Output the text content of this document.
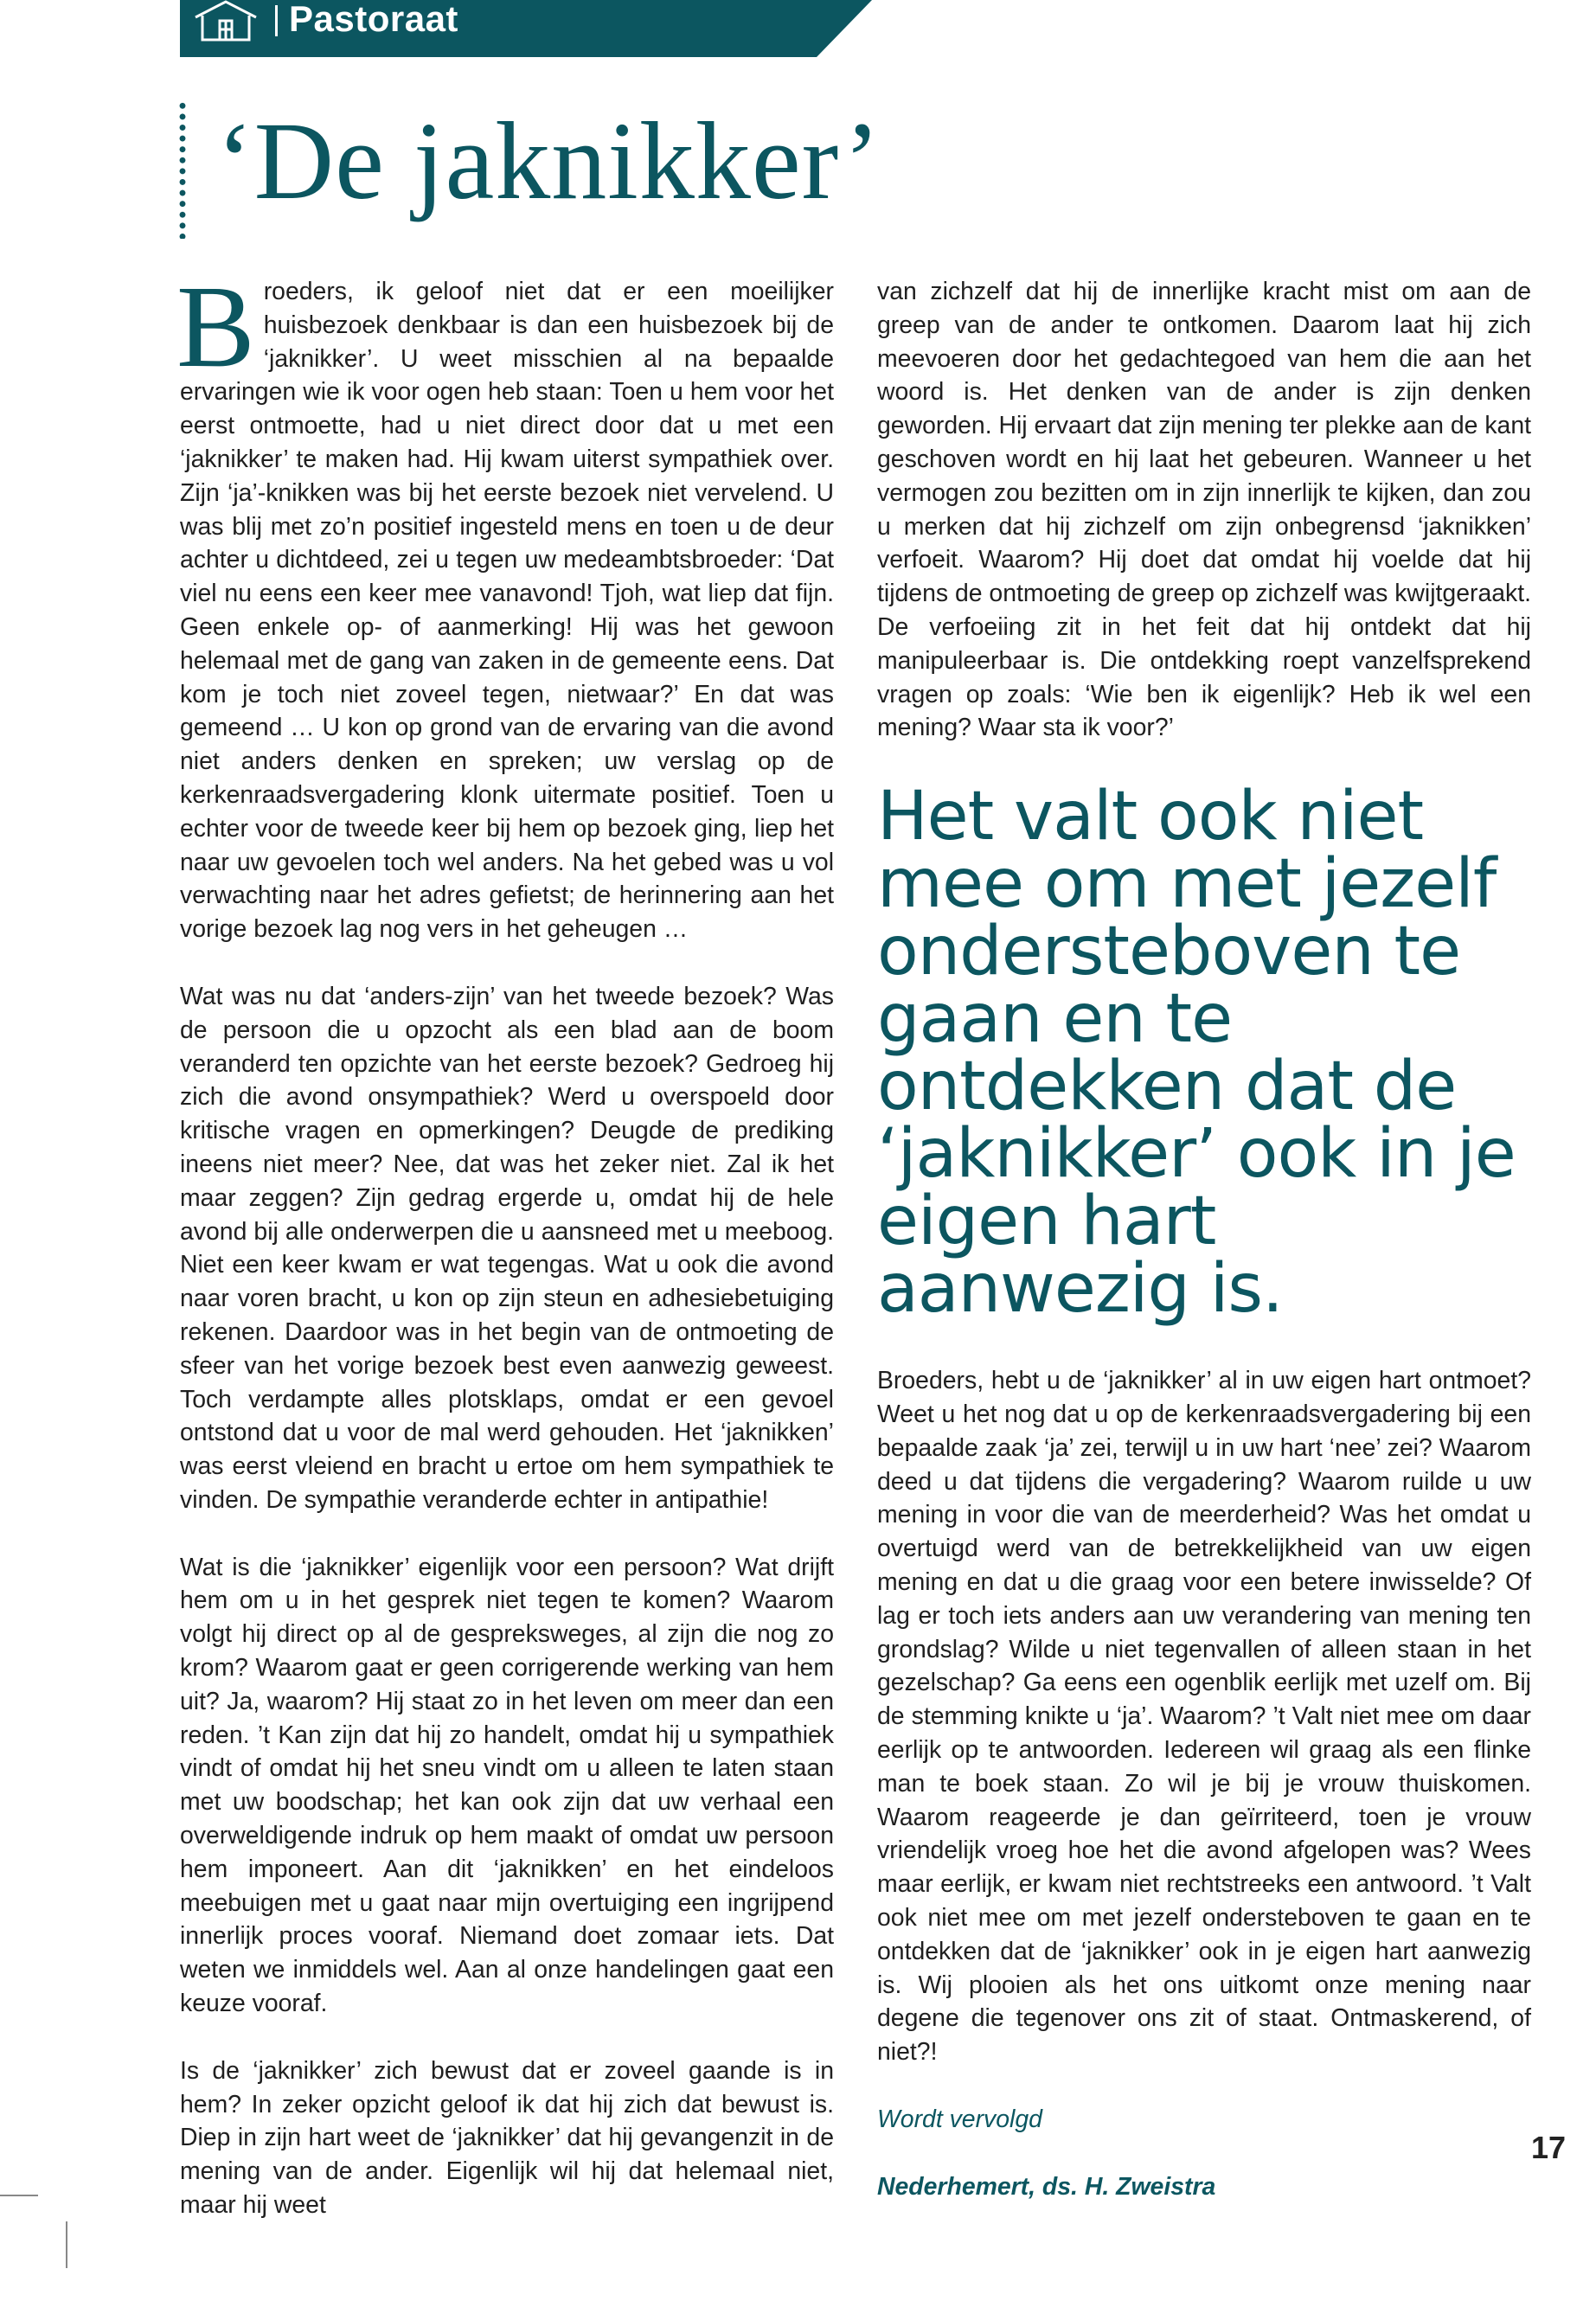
Pastoraat
‘De jaknikker’

Broeders, ik geloof niet dat er een moeilijker huisbezoek denkbaar is dan een huisbezoek bij de ‘jaknikker’. U weet misschien al na bepaalde ervaringen wie ik voor ogen heb staan: Toen u hem voor het eerst ontmoette, had u niet direct door dat u met een ‘jaknikker’ te maken had. Hij kwam uiterst sympathiek over. Zijn ‘ja’-knikken was bij het eerste bezoek niet vervelend. U was blij met zo’n positief ingesteld mens en toen u de deur achter u dichtdeed, zei u tegen uw medeambtsbroeder: ‘Dat viel nu eens een keer mee vanavond! Tjoh, wat liep dat fijn. Geen enkele op- of aanmerking! Hij was het gewoon helemaal met de gang van zaken in de gemeente eens. Dat kom je toch niet zoveel tegen, nietwaar?’ En dat was gemeend … U kon op grond van de ervaring van die avond niet anders denken en spreken; uw verslag op de kerkenraadsvergadering klonk uitermate positief. Toen u echter voor de tweede keer bij hem op bezoek ging, liep het naar uw gevoelen toch wel anders. Na het gebed was u vol verwachting naar het adres gefietst; de herinnering aan het vorige bezoek lag nog vers in het geheugen …

Wat was nu dat ‘anders-zijn’ van het tweede bezoek? Was de persoon die u opzocht als een blad aan de boom veranderd ten opzichte van het eerste bezoek? Gedroeg hij zich die avond onsympathiek? Werd u overspoeld door kritische vragen en opmerkingen? Deugde de prediking ineens niet meer? Nee, dat was het zeker niet. Zal ik het maar zeggen? Zijn gedrag ergerde u, omdat hij de hele avond bij alle onderwerpen die u aansneed met u meeboog. Niet een keer kwam er wat tegengas. Wat u ook die avond naar voren bracht, u kon op zijn steun en adhesiebetuiging rekenen. Daardoor was in het begin van de ontmoeting de sfeer van het vorige bezoek best even aanwezig geweest. Toch verdampte alles plotsklaps, omdat er een gevoel ontstond dat u voor de mal werd gehouden. Het ‘jaknikken’ was eerst vleiend en bracht u ertoe om hem sympathiek te vinden. De sympathie veranderde echter in antipathie!

Wat is die ‘jaknikker’ eigenlijk voor een persoon? Wat drijft hem om u in het gesprek niet tegen te komen? Waarom volgt hij direct op al de gespreksweges, al zijn die nog zo krom? Waarom gaat er geen corrigerende werking van hem uit? Ja, waarom? Hij staat zo in het leven om meer dan een reden. ’t Kan zijn dat hij zo handelt, omdat hij u sympathiek vindt of omdat hij het sneu vindt om u alleen te laten staan met uw boodschap; het kan ook zijn dat uw verhaal een overweldigende indruk op hem maakt of omdat uw persoon hem imponeert. Aan dit ‘jaknikken’ en het eindeloos meebuigen met u gaat naar mijn overtuiging een ingrijpend innerlijk proces vooraf. Niemand doet zomaar iets. Dat weten we inmiddels wel. Aan al onze handelingen gaat een keuze vooraf.

Is de ‘jaknikker’ zich bewust dat er zoveel gaande is in hem? In zeker opzicht geloof ik dat hij zich dat bewust is. Diep in zijn hart weet de ‘jaknikker’ dat hij gevangenzit in de mening van de ander. Eigenlijk wil hij dat helemaal niet, maar hij weet

van zichzelf dat hij de innerlijke kracht mist om aan de greep van de ander te ontkomen. Daarom laat hij zich meevoeren door het gedachtegoed van hem die aan het woord is. Het denken van de ander is zijn denken geworden. Hij ervaart dat zijn mening ter plekke aan de kant geschoven wordt en hij laat het gebeuren. Wanneer u het vermogen zou bezitten om in zijn innerlijk te kijken, dan zou u merken dat hij zichzelf om zijn onbegrensd ‘jaknikken’ verfoeit. Waarom? Hij doet dat omdat hij voelde dat hij tijdens de ontmoeting de greep op zichzelf was kwijtgeraakt. De verfoeiing zit in het feit dat hij ontdekt dat hij manipuleerbaar is. Die ontdekking roept vanzelfsprekend vragen op zoals: ‘Wie ben ik eigenlijk? Heb ik wel een mening? Waar sta ik voor?’

Het valt ook niet mee om met jezelf ondersteboven te gaan en te ontdekken dat de ‘jaknikker’ ook in je eigen hart aanwezig is.

Broeders, hebt u de ‘jaknikker’ al in uw eigen hart ontmoet? Weet u het nog dat u op de kerkenraadsvergadering bij een bepaalde zaak ‘ja’ zei, terwijl u in uw hart ‘nee’ zei? Waarom deed u dat tijdens die vergadering? Waarom ruilde u uw mening in voor die van de meerderheid? Was het omdat u overtuigd werd van de betrekkelijkheid van uw eigen mening en dat u die graag voor een betere inwisselde? Of lag er toch iets anders aan uw verandering van mening ten grondslag? Wilde u niet tegenvallen of alleen staan in het gezelschap? Ga eens een ogenblik eerlijk met uzelf om. Bij de stemming knikte u ‘ja’. Waarom? ’t Valt niet mee om daar eerlijk op te antwoorden. Iedereen wil graag als een flinke man te boek staan. Zo wil je bij je vrouw thuiskomen. Waarom reageerde je dan geïrriteerd, toen je vrouw vriendelijk vroeg hoe het die avond afgelopen was? Wees maar eerlijk, er kwam niet rechtstreeks een antwoord. ’t Valt ook niet mee om met jezelf ondersteboven te gaan en te ontdekken dat de ‘jaknikker’ ook in je eigen hart aanwezig is. Wij plooien als het ons uitkomt onze mening naar degene die tegenover ons zit of staat. Ontmaskerend, of niet?!

Wordt vervolgd

Nederhemert, ds. H. Zweistra

17
